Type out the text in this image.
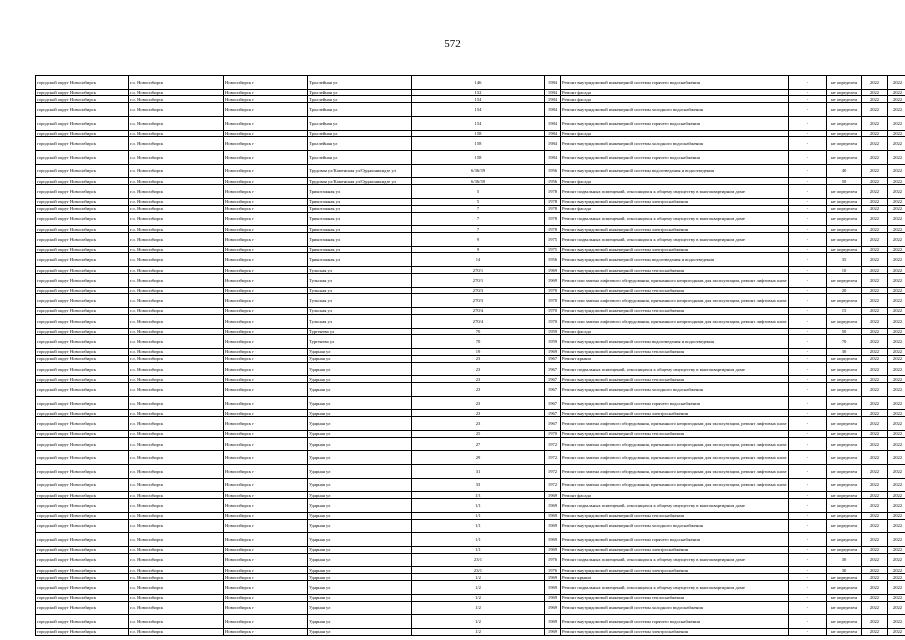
572
городской округ Новосибирск	г.о. Новосибирск	Новосибирск г	Троллейная ул	146	1984	Ремонт внутридомовой инженерной системы горячего водоснабжения	-	не определен	2022	2022
городской округ Новосибирск	г.о. Новосибирск	Новосибирск г	Троллейная ул	152	1984	Ремонт фасада	-	не определен	2022	2022
городской округ Новосибирск	г.о. Новосибирск	Новосибирск г	Троллейная ул	154	1984	Ремонт фасада	-	не определен	2022	2022
городской округ Новосибирск	г.о. Новосибирск	Новосибирск г	Троллейная ул	154	1984	Ремонт внутридомовой инженерной системы холодного водоснабжения	-	не определен	2022	2022
городской округ Новосибирск	г.о. Новосибирск	Новосибирск г	Троллейная ул	154	1984	Ремонт внутридомовой инженерной системы горячего водоснабжения	-	не определен	2022	2022
городской округ Новосибирск	г.о. Новосибирск	Новосибирск г	Троллейная ул	158	1984	Ремонт фасада	-	не определен	2022	2022
городской округ Новосибирск	г.о. Новосибирск	Новосибирск г	Троллейная ул	158	1984	Ремонт внутридомовой инженерной системы холодного водоснабжения	-	не определен	2022	2022
городской округ Новосибирск	г.о. Новосибирск	Новосибирск г	Троллейная ул	158	1984	Ремонт внутридомовой инженерной системы горячего водоснабжения	-	не определен	2022	2022
городской округ Новосибирск	г.о. Новосибирск	Новосибирск г	Трудовая ул/Каменская ул/Орджоникидзе ул	6/36/39	1956	Ремонт внутридомовой инженерной системы водоотведения и водоотведения	-	40	2022	2022
городской округ Новосибирск	г.о. Новосибирск	Новосибирск г	Трудовая ул/Каменская ул/Орджоникидзе ул	6/36/39	1956	Ремонт фасада	-	50	2022	2022
городской округ Новосибирск	г.о. Новосибирск	Новосибирск г	Трикотажная ул	5	1978	Ремонт подвальных помещений, относящихся к общему имуществу в многоквартирном доме	-	не определен	2022	2022
городской округ Новосибирск	г.о. Новосибирск	Новосибирск г	Трикотажная ул	5	1978	Ремонт внутридомовой инженерной системы электроснабжения	-	не определен	2022	2022
городской округ Новосибирск	г.о. Новосибирск	Новосибирск г	Трикотажная ул	7	1978	Ремонт фасада	-	не определен	2022	2022
городской округ Новосибирск	г.о. Новосибирск	Новосибирск г	Трикотажная ул	7	1978	Ремонт подвальных помещений, относящихся к общему имуществу в многоквартирном доме	-	не определен	2022	2022
городской округ Новосибирск	г.о. Новосибирск	Новосибирск г	Трикотажная ул	7	1978	Ремонт внутридомовой инженерной системы электроснабжения	-	не определен	2022	2022
городской округ Новосибирск	г.о. Новосибирск	Новосибирск г	Трикотажная ул	9	1975	Ремонт подвальных помещений, относящихся к общему имуществу в многоквартирном доме	-	не определен	2022	2022
городской округ Новосибирск	г.о. Новосибирск	Новосибирск г	Трикотажная ул	9	1975	Ремонт внутридомовой инженерной системы электроснабжения	-	не определен	2022	2022
городской округ Новосибирск	г.о. Новосибирск	Новосибирск г	Трикотажная ул	14	1956	Ремонт внутридомовой инженерной системы водоотведения и водоотведения	-	35	2022	2022
городской округ Новосибирск	г.о. Новосибирск	Новосибирск г	Тульская ул	270/1	1969	Ремонт внутридомовой инженерной системы теплоснабжения	-	10	2022	2022
городской округ Новосибирск	г.о. Новосибирск	Новосибирск г	Тульская ул	270/1	1969	Ремонт или замена лифтового оборудования, признанного непригодным для эксплуатации, ремонт лифтовых шахт	-	не определен	2022	2022
городской округ Новосибирск	г.о. Новосибирск	Новосибирск г	Тульская ул	270/3	1970	Ремонт внутридомовой инженерной системы теплоснабжения	-	20	2022	2022
городской округ Новосибирск	г.о. Новосибирск	Новосибирск г	Тульская ул	270/3	1970	Ремонт или замена лифтового оборудования, признанного непригодным для эксплуатации, ремонт лифтовых шахт	-	не определен	2022	2022
городской округ Новосибирск	г.о. Новосибирск	Новосибирск г	Тульская ул	270/4	1970	Ремонт внутридомовой инженерной системы теплоснабжения	-	15	2022	2022
городской округ Новосибирск	г.о. Новосибирск	Новосибирск г	Тульская ул	270/4	1970	Ремонт или замена лифтового оборудования, признанного непригодным для эксплуатации, ремонт лифтовых шахт	-	не определен	2022	2022
городской округ Новосибирск	г.о. Новосибирск	Новосибирск г	Тургенева ул	70	1959	Ремонт фасада	-	50	2022	2022
городской округ Новосибирск	г.о. Новосибирск	Новосибирск г	Тургенева ул	70	1959	Ремонт внутридомовой инженерной системы водоотведения и водоотведения	-	70	2022	2022
городской округ Новосибирск	г.о. Новосибирск	Новосибирск г	Ударная ул	19	1969	Ремонт внутридомовой инженерной системы теплоснабжения	-	30	2022	2022
городской округ Новосибирск	г.о. Новосибирск	Новосибирск г	Ударная ул	23	1967	Ремонт крыши	-	не определен	2022	2022
городской округ Новосибирск	г.о. Новосибирск	Новосибирск г	Ударная ул	23	1967	Ремонт подвальных помещений, относящихся к общему имуществу в многоквартирном доме	-	не определен	2022	2022
городской округ Новосибирск	г.о. Новосибирск	Новосибирск г	Ударная ул	23	1967	Ремонт внутридомовой инженерной системы теплоснабжения	-	не определен	2022	2022
городской округ Новосибирск	г.о. Новосибирск	Новосибирск г	Ударная ул	23	1967	Ремонт внутридомовой инженерной системы холодного водоснабжения	-	не определен	2022	2022
городской округ Новосибирск	г.о. Новосибирск	Новосибирск г	Ударная ул	23	1967	Ремонт внутридомовой инженерной системы горячего водоснабжения	-	не определен	2022	2022
городской округ Новосибирск	г.о. Новосибирск	Новосибирск г	Ударная ул	23	1967	Ремонт внутридомовой инженерной системы электроснабжения	-	не определен	2022	2022
городской округ Новосибирск	г.о. Новосибирск	Новосибирск г	Ударная ул	23	1967	Ремонт или замена лифтового оборудования, признанного непригодным для эксплуатации, ремонт лифтовых шахт	-	не определен	2022	2022
городской округ Новосибирск	г.о. Новосибирск	Новосибирск г	Ударная ул	25	1970	Ремонт внутридомовой инженерной системы теплоснабжения	-	не определен	2022	2022
городской округ Новосибирск	г.о. Новосибирск	Новосибирск г	Ударная ул	27	1972	Ремонт или замена лифтового оборудования, признанного непригодным для эксплуатации, ремонт лифтовых шахт	-	не определен	2022	2022
городской округ Новосибирск	г.о. Новосибирск	Новосибирск г	Ударная ул	29	1972	Ремонт или замена лифтового оборудования, признанного непригодным для эксплуатации, ремонт лифтовых шахт	-	не определен	2022	2022
городской округ Новосибирск	г.о. Новосибирск	Новосибирск г	Ударная ул	31	1972	Ремонт или замена лифтового оборудования, признанного непригодным для эксплуатации, ремонт лифтовых шахт	-	не определен	2022	2022
городской округ Новосибирск	г.о. Новосибирск	Новосибирск г	Ударная ул	33	1972	Ремонт или замена лифтового оборудования, признанного непригодным для эксплуатации, ремонт лифтовых шахт	-	не определен	2022	2022
городской округ Новосибирск	г.о. Новосибирск	Новосибирск г	Ударная ул	1/1	1969	Ремонт фасада	-	не определен	2022	2022
городской округ Новосибирск	г.о. Новосибирск	Новосибирск г	Ударная ул	1/1	1969	Ремонт подвальных помещений, относящихся к общему имуществу в многоквартирном доме	-	не определен	2022	2022
городской округ Новосибирск	г.о. Новосибирск	Новосибирск г	Ударная ул	1/1	1969	Ремонт внутридомовой инженерной системы теплоснабжения	-	не определен	2022	2022
городской округ Новосибирск	г.о. Новосибирск	Новосибирск г	Ударная ул	1/1	1969	Ремонт внутридомовой инженерной системы холодного водоснабжения	-	не определен	2022	2022
городской округ Новосибирск	г.о. Новосибирск	Новосибирск г	Ударная ул	1/1	1969	Ремонт внутридомовой инженерной системы горячего водоснабжения	-	не определен	2022	2022
городской округ Новосибирск	г.о. Новосибирск	Новосибирск г	Ударная ул	1/1	1969	Ремонт внутридомовой инженерной системы электроснабжения	-	не определен	2022	2022
городской округ Новосибирск	г.о. Новосибирск	Новосибирск г	Ударная ул	23/1	1976	Ремонт подвальных помещений, относящихся к общему имуществу в многоквартирном доме	-	30	2022	2022
городской округ Новосибирск	г.о. Новосибирск	Новосибирск г	Ударная ул	23/1	1976	Ремонт внутридомовой инженерной системы электроснабжения	-	30	2022	2022
городской округ Новосибирск	г.о. Новосибирск	Новосибирск г	Ударная ул	1/2	1969	Ремонт крыши	-	не определен	2022	2022
городской округ Новосибирск	г.о. Новосибирск	Новосибирск г	Ударная ул	1/2	1969	Ремонт подвальных помещений, относящихся к общему имуществу в многоквартирном доме	-	не определен	2022	2022
городской округ Новосибирск	г.о. Новосибирск	Новосибирск г	Ударная ул	1/2	1969	Ремонт внутридомовой инженерной системы теплоснабжения	-	не определен	2022	2022
городской округ Новосибирск	г.о. Новосибирск	Новосибирск г	Ударная ул	1/2	1969	Ремонт внутридомовой инженерной системы холодного водоснабжения	-	не определен	2022	2022
городской округ Новосибирск	г.о. Новосибирск	Новосибирск г	Ударная ул	1/2	1969	Ремонт внутридомовой инженерной системы горячего водоснабжения	-	не определен	2022	2022
городской округ Новосибирск	г.о. Новосибирск	Новосибирск г	Ударная ул	1/2	1969	Ремонт внутридомовой инженерной системы электроснабжения	-	не определен	2022	2022
